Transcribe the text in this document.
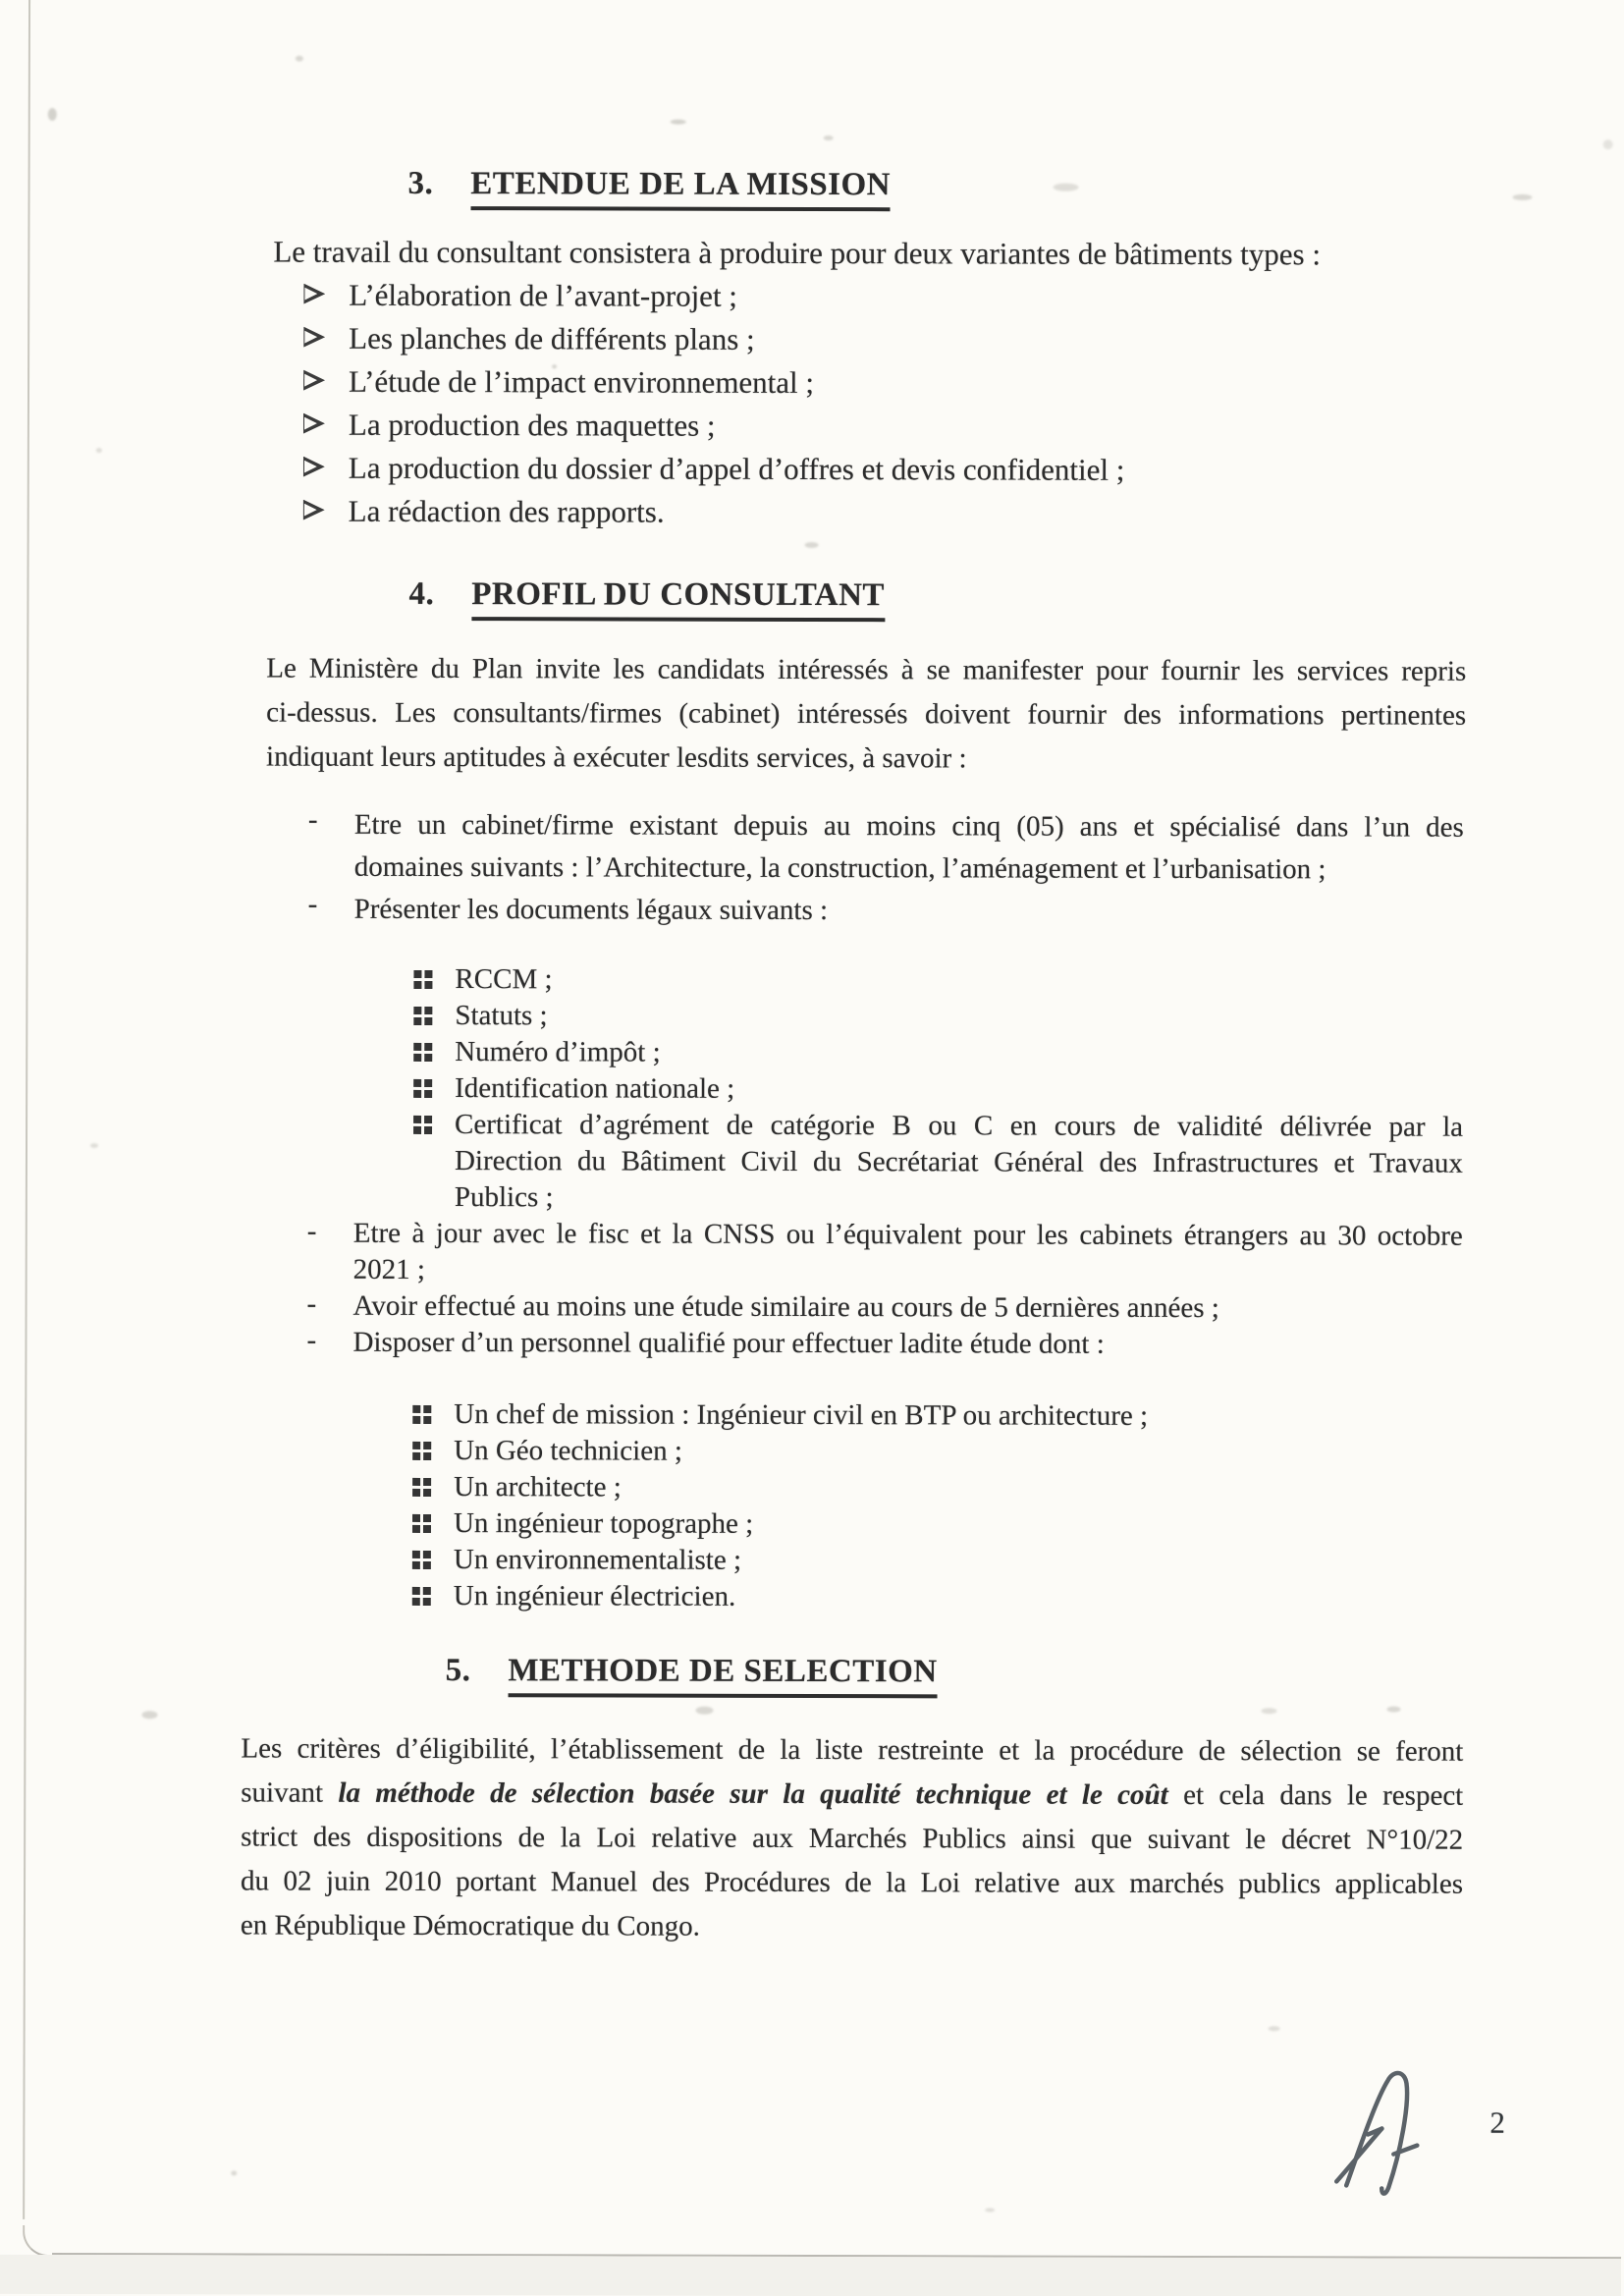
3. ETENDUE DE LA MISSION
Le travail du consultant consistera à produire pour deux variantes de bâtiments types :
L’élaboration de l’avant-projet ;
Les planches de différents plans ;
L’étude de l’impact environnemental ;
La production des maquettes ;
La production du dossier d’appel d’offres et devis confidentiel ;
La rédaction des rapports.
4. PROFIL DU CONSULTANT
Le Ministère du Plan invite les candidats intéressés à se manifester pour fournir les services repris
ci-dessus. Les consultants/firmes (cabinet) intéressés doivent fournir des informations pertinentes
indiquant leurs aptitudes à exécuter lesdits services, à savoir :
-	Etre un cabinet/firme existant depuis au moins cinq (05) ans et spécialisé dans l’un des
domaines suivants : l’Architecture, la construction, l’aménagement et l’urbanisation ;
-	Présenter les documents légaux suivants :
RCCM ;
Statuts ;
Numéro d’impôt ;
Identification nationale ;
Certificat d’agrément de catégorie B ou C en cours de validité délivrée par la
Direction du Bâtiment Civil du Secrétariat Général des Infrastructures et Travaux
Publics ;
-	Etre à jour avec le fisc et la CNSS ou l’équivalent pour les cabinets étrangers au 30 octobre
2021 ;
-	Avoir effectué au moins une étude similaire au cours de 5 dernières années ;
-	Disposer d’un personnel qualifié pour effectuer ladite étude dont :
Un chef de mission : Ingénieur civil en BTP ou architecture ;
Un Géo technicien ;
Un architecte ;
Un ingénieur topographe ;
Un environnementaliste ;
Un ingénieur électricien.
5. METHODE DE SELECTION
Les critères d’éligibilité, l’établissement de la liste restreinte et la procédure de sélection se feront
suivant la méthode de sélection basée sur la qualité technique et le coût et cela dans le respect
strict des dispositions de la Loi relative aux Marchés Publics ainsi que suivant le décret N°10/22
du 02 juin 2010 portant Manuel des Procédures de la Loi relative aux marchés publics applicables
en République Démocratique du Congo.
2
